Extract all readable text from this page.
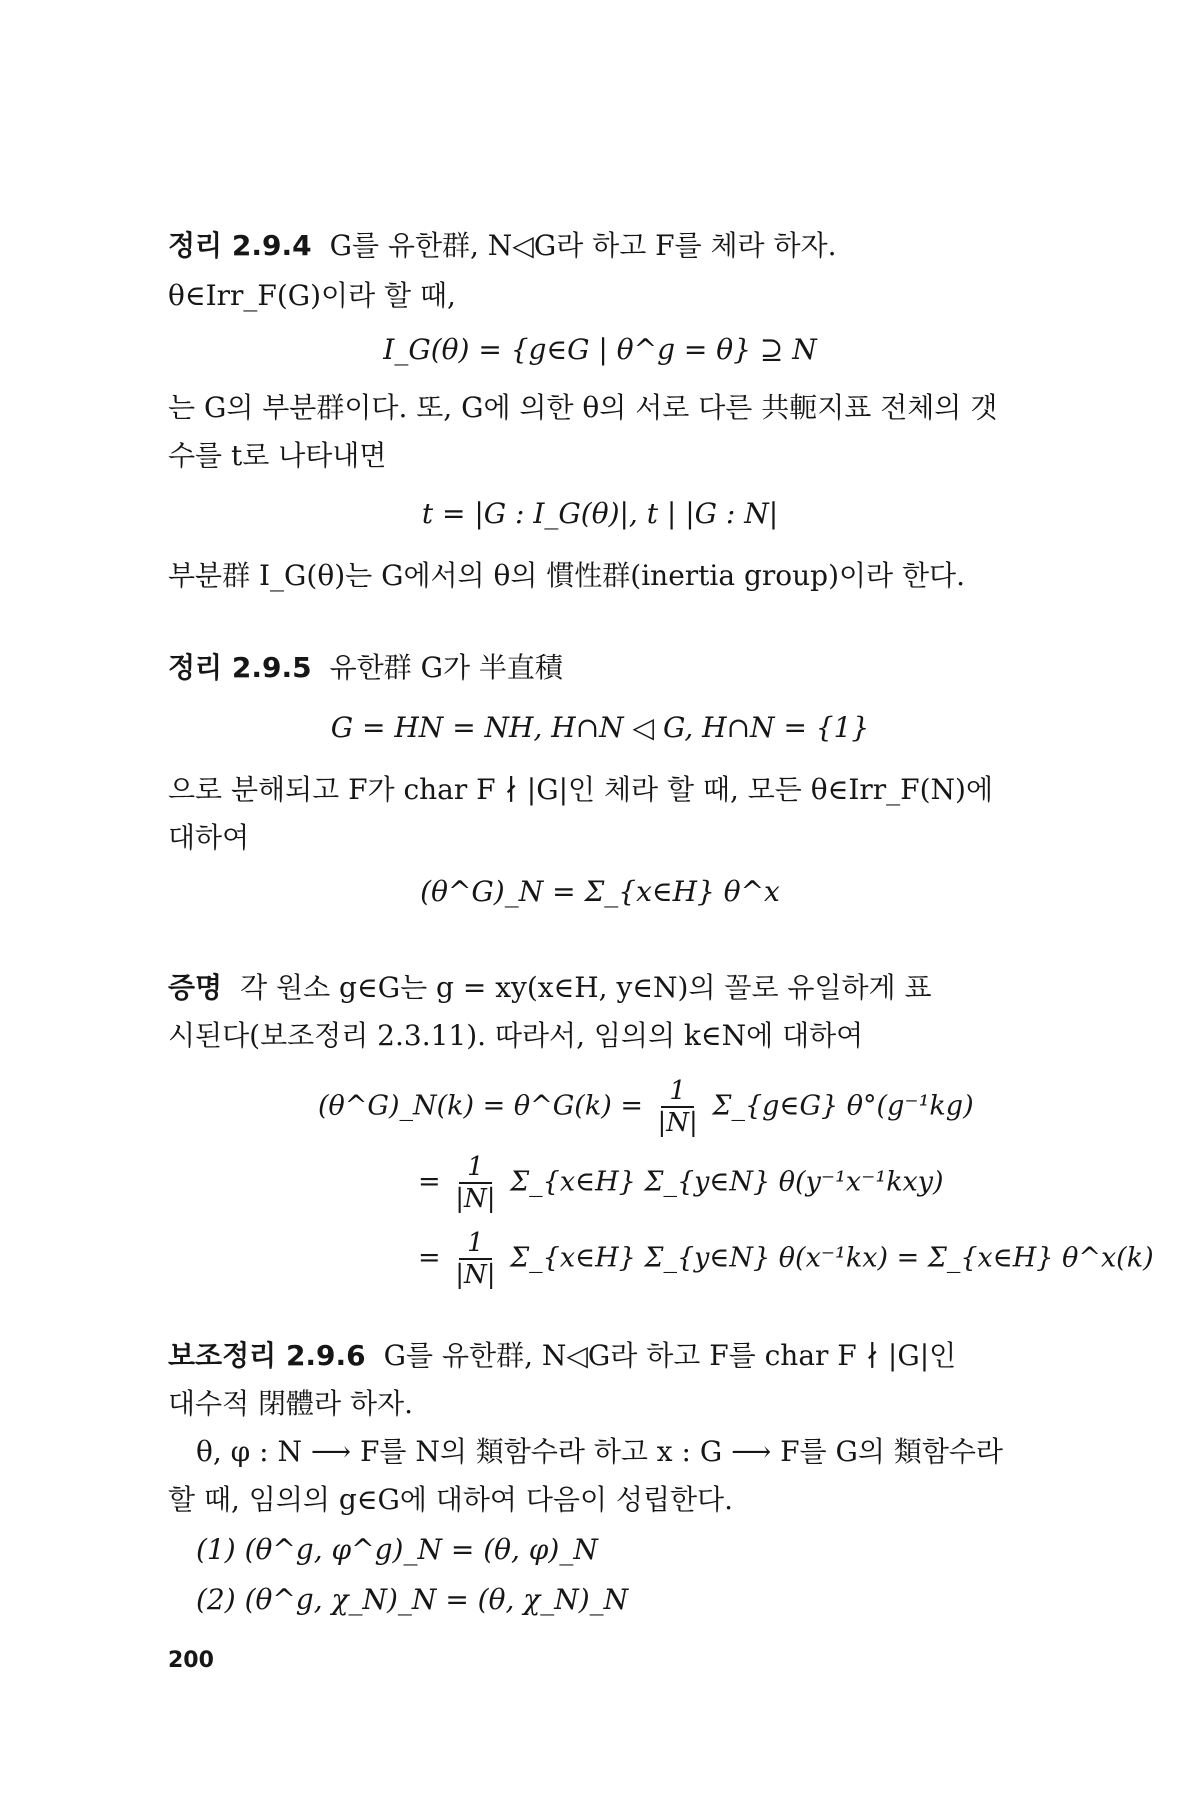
정리 2.9.4 G를 유한群, N◁G라 하고 F를 체라 하자.
θ∈Irr_F(G)이라 할 때,
I_G(θ) = {g∈G | θ^g = θ} ⊇ N
는 G의 부분群이다. 또, G에 의한 θ의 서로 다른 共軛지표 전체의 갯
수를 t로 나타내면
t = |G : I_G(θ)|, t | |G : N|
부분群 I_G(θ)는 G에서의 θ의 慣性群(inertia group)이라 한다.
정리 2.9.5 유한群 G가 半直積
G = HN = NH, H∩N ◁ G, H∩N = {1}
으로 분해되고 F가 char F ∤ |G|인 체라 할 때, 모든 θ∈Irr_F(N)에
대하여
(θ^G)_N = Σ_{x∈H} θ^x
증명 각 원소 g∈G는 g = xy(x∈H, y∈N)의 꼴로 유일하게 표
시된다(보조정리 2.3.11). 따라서, 임의의 k∈N에 대하여
(θ^G)_N(k) = θ^G(k) = $\frac{1}{|N|}$ Σ_{g∈G} θ°(g⁻¹kg)
= $\frac{1}{|N|}$ Σ_{x∈H} Σ_{y∈N} θ(y⁻¹x⁻¹kxy)
= $\frac{1}{|N|}$ Σ_{x∈H} Σ_{y∈N} θ(x⁻¹kx) = Σ_{x∈H} θ^x(k)
보조정리 2.9.6 G를 유한群, N◁G라 하고 F를 char F ∤ |G|인
대수적 閉體라 하자.
θ, φ : N ⟶ F를 N의 類함수라 하고 x : G ⟶ F를 G의 類함수라
할 때, 임의의 g∈G에 대하여 다음이 성립한다.
(1) (θ^g, φ^g)_N = (θ, φ)_N
(2) (θ^g, χ_N)_N = (θ, χ_N)_N
200
